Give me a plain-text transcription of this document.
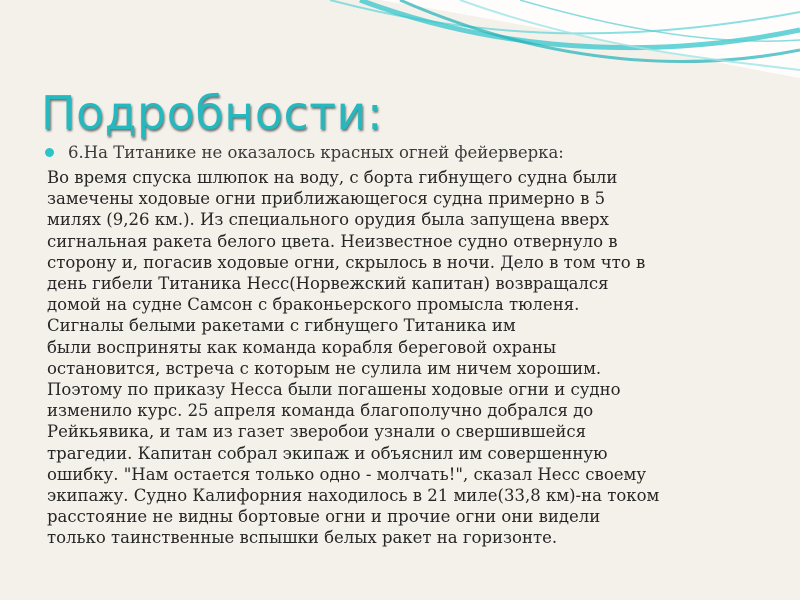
Подробности:
6.На Титанике не оказалось красных огней фейерверка:

Во время спуска шлюпок на воду, с борта гибнущего судна были
замечены ходовые огни приближающегося судна примерно в 5
милях (9,26 км.). Из специального орудия была запущена вверх
сигнальная ракета белого цвета. Неизвестное судно отвернуло в
сторону и, погасив ходовые огни, скрылось в ночи. Дело в том что в
день гибели Титаника Несс(Норвежский капитан) возвращался
домой на судне Самсон с браконьерского промысла тюленя.
Сигналы белыми ракетами с гибнущего Титаника им
были восприняты как команда корабля береговой охраны
остановится, встреча с которым не сулила им ничем хорошим.
Поэтому по приказу Несса были погашены ходовые огни и судно
изменило курс. 25 апреля команда благополучно добрался до
Рейкьявика, и там из газет зверобои узнали о свершившейся
трагедии. Капитан собрал экипаж и объяснил им совершенную
ошибку. "Нам остается только одно - молчать!", сказал Несс своему
экипажу. Судно Калифорния находилось в 21 миле(33,8 км)-на током
расстояние не видны бортовые огни и прочие огни они видели
только таинственные вспышки белых ракет на горизонте.
